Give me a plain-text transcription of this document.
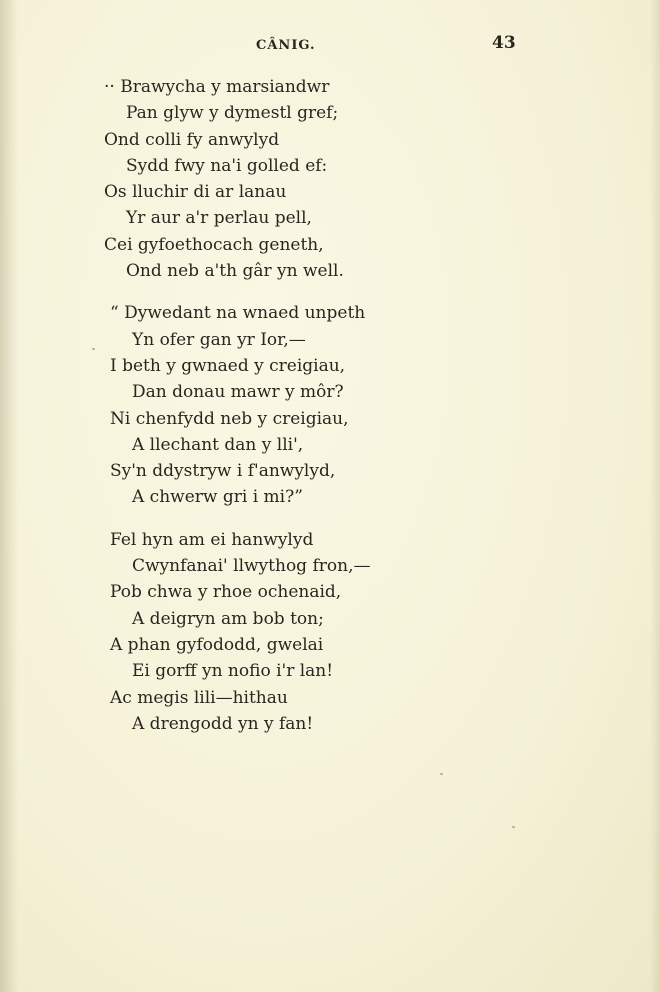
CÂNIG.	43
·· Brawycha y marsiandwr
Pan glyw y dymestl gref;
Ond colli fy anwylyd
Sydd fwy na'i golled ef:
Os lluchir di ar lanau
Yr aur a'r perlau pell,
Cei gyfoethocach geneth,
Ond neb a'th gâr yn well.
“ Dywedant na wnaed unpeth
Yn ofer gan yr Ior,—
I beth y gwnaed y creigiau,
Dan donau mawr y môr?
Ni chenfydd neb y creigiau,
A llechant dan y lli',
Sy'n ddystryw i f'anwylyd,
A chwerw gri i mi?”
Fel hyn am ei hanwylyd
Cwynfanai' llwythog fron,—
Pob chwa y rhoe ochenaid,
A deigryn am bob ton;
A phan gyfododd, gwelai
Ei gorff yn nofio i'r lan!
Ac megis lili—hithau
A drengodd yn y fan!
